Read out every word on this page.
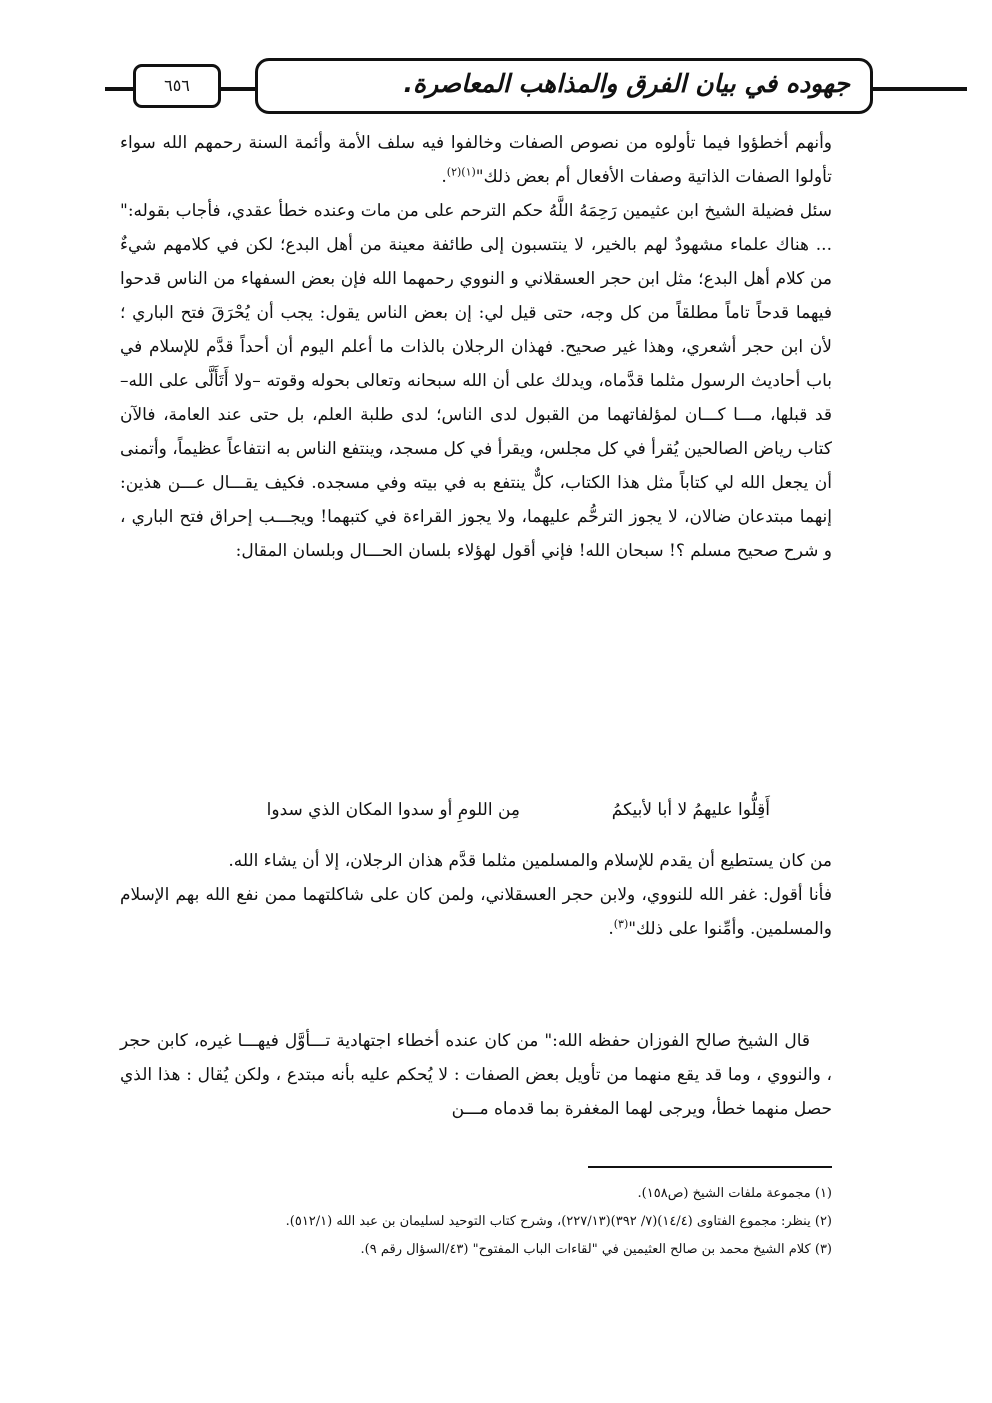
٦٥٦	جهوده في بيان الفرق والمذاهب المعاصرة.

وأنهم أخطؤوا فيما تأولوه من نصوص الصفات وخالفوا فيه سلف الأمة وأئمة السنة رحمهم الله سواء تأولوا الصفات الذاتية وصفات الأفعال أم بعض ذلك"$^{(١)(٢)}$.

سئل فضيلة الشيخ ابن عثيمين رَحِمَهُ اللَّهُ حكم الترحم على من مات وعنده خطأ عقدي، فأجاب بقوله:" ... هناك علماء مشهودٌ لهم بالخير، لا ينتسبون إلى طائفة معينة من أهل البدع؛ لكن في كلامهم شيءٌ من كلام أهل البدع؛ مثل ابن حجر العسقلاني و النووي رحمهما الله فإن بعض السفهاء من الناس قدحوا فيهما قدحاً تاماً مطلقاً من كل وجه، حتى قيل لي: إن بعض الناس يقول: يجب أن يُحْرَقَ فتح الباري ؛ لأن ابن حجر أشعري، وهذا غير صحيح. فهذان الرجلان بالذات ما أعلم اليوم أن أحداً قدَّم للإسلام في باب أحاديث الرسول مثلما قدَّماه، ويدلك على أن الله سبحانه وتعالى بحوله وقوته –ولا أَتَأَلَّى على الله– قد قبلها، مـــا كـــان لمؤلفاتهما من القبول لدى الناس؛ لدى طلبة العلم، بل حتى عند العامة، فالآن كتاب رياض الصالحين يُقرأ في كل مجلس، ويقرأ في كل مسجد، وينتفع الناس به انتفاعاً عظيماً، وأتمنى أن يجعل الله لي كتاباً مثل هذا الكتاب، كلٌّ ينتفع به في بيته وفي مسجده. فكيف يقـــال عـــن هذين: إنهما مبتدعان ضالان، لا يجوز الترحُّم عليهما، ولا يجوز القراءة في كتبهما! ويجـــب إحراق فتح الباري ، و شرح صحيح مسلم ؟! سبحان الله! فإني أقول لهؤلاء بلسان الحـــال وبلسان المقال:

أَقِلُّوا عليهمُ لا أبا لأبيكمُ
مِن اللومِ أو سدوا المكان الذي سدوا

من كان يستطيع أن يقدم للإسلام والمسلمين مثلما قدَّم هذان الرجلان، إلا أن يشاء الله.

فأنا أقول: غفر الله للنووي، ولابن حجر العسقلاني، ولمن كان على شاكلتهما ممن نفع الله بهم الإسلام والمسلمين. وأمِّنوا على ذلك"$^{(٣)}$.

قال الشيخ صالح الفوزان حفظه الله:" من كان عنده أخطاء اجتهادية تـــأوَّل فيهـــا غيره، كابن حجر ، والنووي ، وما قد يقع منهما من تأويل بعض الصفات : لا يُحكم عليه بأنه مبتدع ، ولكن يُقال : هذا الذي حصل منهما خطأ، ويرجى لهما المغفرة بما قدماه مـــن

(١) مجموعة ملفات الشيخ (ص١٥٨).
(٢) ينظر: مجموع الفتاوى (١٤/٤)(٧/ ٣٩٢)(٢٢٧/١٣)، وشرح كتاب التوحيد لسليمان بن عبد الله (٥١٢/١).
(٣) كلام الشيخ محمد بن صالح العثيمين في "لقاءات الباب المفتوح" (٤٣/السؤال رقم ٩).
